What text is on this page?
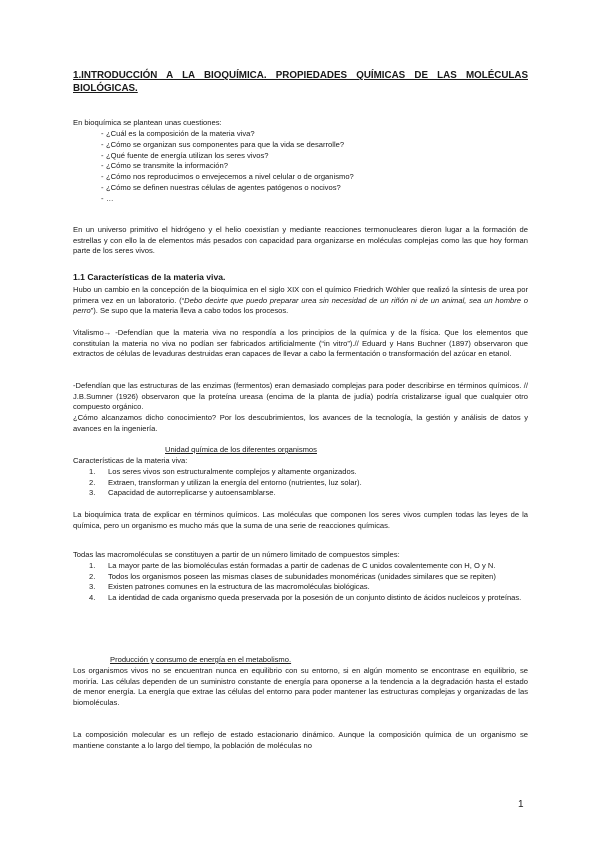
1.INTRODUCCIÓN A LA BIOQUÍMICA. PROPIEDADES QUÍMICAS DE LAS MOLÉCULAS BIOLÓGICAS.
En bioquímica se plantean unas cuestiones:
- ¿Cuál es la composición de la materia viva?
- ¿Cómo se organizan sus componentes para que la vida se desarrolle?
- ¿Qué fuente de energía utilizan los seres vivos?
- ¿Cómo se transmite la información?
- ¿Cómo nos reproducimos o envejecemos a nivel celular o de organismo?
- ¿Cómo se definen nuestras células de agentes patógenos o nocivos?
- …
En un universo primitivo el hidrógeno y el helio coexistían y mediante reacciones termonucleares dieron lugar a la formación de estrellas y con ello la de elementos más pesados con capacidad para organizarse en moléculas complejas como las que hoy forman parte de los seres vivos.
1.1 Características de la materia viva.
Hubo un cambio en la concepción de la bioquímica en el siglo XIX con el químico Friedrich Wöhler que realizó la síntesis de urea por primera vez en un laboratorio. (“Debo decirte que puedo preparar urea sin necesidad de un riñón ni de un animal, sea un hombre o perro”). Se supo que la materia lleva a cabo todos los procesos.
Vitalismo→ -Defendían que la materia viva no respondía a los principios de la química y de la física. Que los elementos que constituían la materia no viva no podían ser fabricados artificialmente (“in vitro”).// Eduard y Hans Buchner (1897) observaron que extractos de células de levaduras destruidas eran capaces de llevar a cabo la fermentación o transformación del azúcar en etanol.
-Defendían que las estructuras de las enzimas (fermentos) eran demasiado complejas para poder describirse en términos químicos. // J.B.Sumner (1926) observaron que la proteína ureasa (encima de la planta de judía) podría cristalizarse igual que cualquier otro compuesto orgánico.
¿Cómo alcanzamos dicho conocimiento? Por los descubrimientos, los avances de la tecnología, la gestión y análisis de datos y avances en la ingeniería.
Unidad química de los diferentes organismos
Características de la materia viva:
1.	Los seres vivos son estructuralmente complejos y altamente organizados.
2.	Extraen, transforman y utilizan la energía del entorno (nutrientes, luz solar).
3.	Capacidad de autorreplicarse y autoensamblarse.
La bioquímica trata de explicar en términos químicos. Las moléculas que componen los seres vivos cumplen todas las leyes de la química, pero un organismo es mucho más que la suma de una serie de reacciones químicas.
Todas las macromoléculas se constituyen a partir de un número limitado de compuestos simples:
1.	La mayor parte de las biomoléculas están formadas a partir de cadenas de C unidos covalentemente con H, O y N.
2.	Todos los organismos poseen las mismas clases de subunidades monoméricas (unidades similares que se repiten)
3.	Existen patrones comunes en la estructura de las macromoléculas biológicas.
4.	La identidad de cada organismo queda preservada por la posesión de un conjunto distinto de ácidos nucleicos y proteínas.
Producción y consumo de energía en el metabolismo.
Los organismos vivos no se encuentran nunca en equilibrio con su entorno, si en algún momento se encontrase en equilibrio, se moriría. Las células dependen de un suministro constante de energía para oponerse a la tendencia a la degradación hasta el estado de menor energía. La energía que extrae las células del entorno para poder mantener las estructuras complejas y organizadas de las biomoléculas.
La composición molecular es un reflejo de estado estacionario dinámico. Aunque la composición química de un organismo se mantiene constante a lo largo del tiempo, la población de moléculas no
1
